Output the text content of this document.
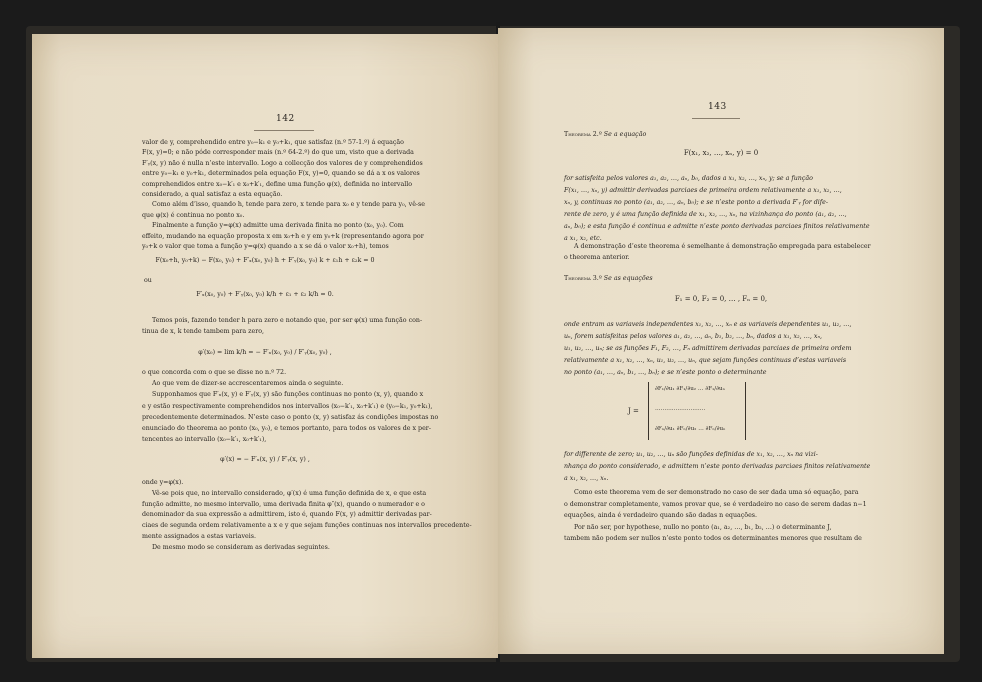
142
valor de y, comprehendido entre y₀−k₁ e y₀+k₁, que satisfaz (n.º 57-1.º) á equação
F(x, y)=0; e não póde corresponder mais (n.º 64-2.º) do que um, visto que a derivada
F′ᵧ(x, y) não é nulla n’este intervallo. Logo a collecção dos valores de y comprehendidos
entre y₀−k₁ e y₀+k₁, determinados pela equação F(x, y)=0, quando se dá a x os valores
comprehendidos entre x₀−k′₁ e x₀+k′₁, define uma função φ(x), definida no intervallo
considerado, a qual satisfaz a esta equação.
Como além d’isso, quando h, tende para zero, x tende para x₀ e y tende para y₀, vê-se
que φ(x) é continua no ponto x₀.
Finalmente a função y=φ(x) admitte uma derivada finita no ponto (x₀, y₀). Com
effeito, mudando na equação proposta x em x₀+h e y em y₀+k (representando agora por
y₀+k o valor que toma a função y=φ(x) quando a x se dá o valor x₀+h), temos
F(x₀+h, y₀+k) − F(x₀, y₀) + F′ₓ(x₀, y₀) h + F′ᵧ(x₀, y₀) k + ε₁h + ε₂k = 0
ou
F′ₓ(x₀, y₀) + F′ᵧ(x₀, y₀) k/h + ε₁ + ε₂ k/h = 0.
Temos pois, fazendo tender h para zero e notando que, por ser φ(x) uma função con-
tinua de x, k tende tambem para zero,
φ′(x₀) = lim k/h = − F′ₓ(x₀, y₀) / F′ᵧ(x₀, y₀) ,
o que concorda com o que se disse no n.º 72.
Ao que vem de dizer-se accrescentaremos ainda o seguinte.
Supponhamos que F′ₓ(x, y) e F′ᵧ(x, y) são funções continuas no ponto (x, y), quando x
e y estão respectivamente comprehendidos nos intervallos (x₀−k′₁, x₀+k′₁) e (y₀−k₁, y₀+k₁),
precedentemente determinados. N’este caso o ponto (x, y) satisfaz ás condições impostas no
enunciado do theorema ao ponto (x₀, y₀), e temos portanto, para todos os valores de x per-
tencentes ao intervallo (x₀−k′₁, x₀+k′₁),
φ′(x) = − F′ₓ(x, y) / F′ᵧ(x, y) ,
onde y=φ(x).
Vê-se pois que, no intervallo considerado, φ′(x) é uma função definida de x, e que esta
função admitte, no mesmo intervallo, uma derivada finita φ″(x), quando o numerador e o
denominador da sua expressão a admittirem, isto é, quando F(x, y) admittir derivadas par-
ciaes de segunda ordem relativamente a x e y que sejam funções continuas nos intervallos precedente-
mente assignados a estas variaveis.
De mesmo modo se consideram as derivadas seguintes.
143
Theorema 2.º Se a equação
F(x₁, x₂, …, xₙ, y) = 0
for satisfeita pelos valores a₁, a₂, …, aₙ, b₀, dados a x₁, x₂, …, xₙ, y; se a função
F(x₁, …, xₙ, y) admittir derivadas parciaes de primeira ordem relativamente a x₁, x₂, …,
xₙ, y, continuas no ponto (a₁, a₂, …, aₙ, b₀); e se n’este ponto a derivada F′ᵧ for dife-
rente de zero, y é uma função definida de x₁, x₂, …, xₙ, na vizinhança do ponto (a₁, a₂, …,
aₙ, b₀); e esta função é continua e admitte n’este ponto derivadas parciaes finitos relativamente
a x₁, x₂, etc.
A demonstração d’este theorema é semelhante á demonstração empregada para estabelecer
o theorema anterior.
Theorema 3.º Se as equações
F₁ = 0, F₂ = 0, … , Fₙ = 0,
onde entram as variaveis independentes x₁, x₂, …, xₙ e as variaveis dependentes u₁, u₂, …,
uₙ, forem satisfeitas pelos valores a₁, a₂, …, aₙ, b₁, b₂, …, bₙ, dados a x₁, x₂, …, xₙ,
u₁, u₂, …, uₙ; se as funções F₁, F₂, …, Fₙ admittirem derivadas parciaes de primeira ordem
relativamente a x₁, x₂, …, xₙ, u₁, u₂, …, uₙ, que sejam funções continuas d’estas variaveis
no ponto (a₁, …, aₙ, b₁, …, bₙ); e se n’este ponto o determinante
J =
∂F₁/∂u₁ ∂F₁/∂u₂ … ∂F₁/∂uₙ
………………………
∂Fₙ/∂u₁ ∂Fₙ/∂u₂ … ∂Fₙ/∂uₙ
for differente de zero; u₁, u₂, …, uₙ são funções definidas de x₁, x₂, …, xₙ na vizi-
nhança do ponto considerado, e admittem n’este ponto derivadas parciaes finitos relativamente
a x₁, x₂, …, xₙ.
Como este theorema vem de ser demonstrado no caso de ser dada uma só equação, para
o demonstrar completamente, vamos provar que, se é verdadeiro no caso de serem dadas n−1
equações, ainda é verdadeiro quando são dadas n equações.
Por não ser, por hypothese, nullo no ponto (a₁, a₂, …, b₁, b₂, …) o determinante J,
tambem não podem ser nullos n’este ponto todos os determinantes menores que resultam de
